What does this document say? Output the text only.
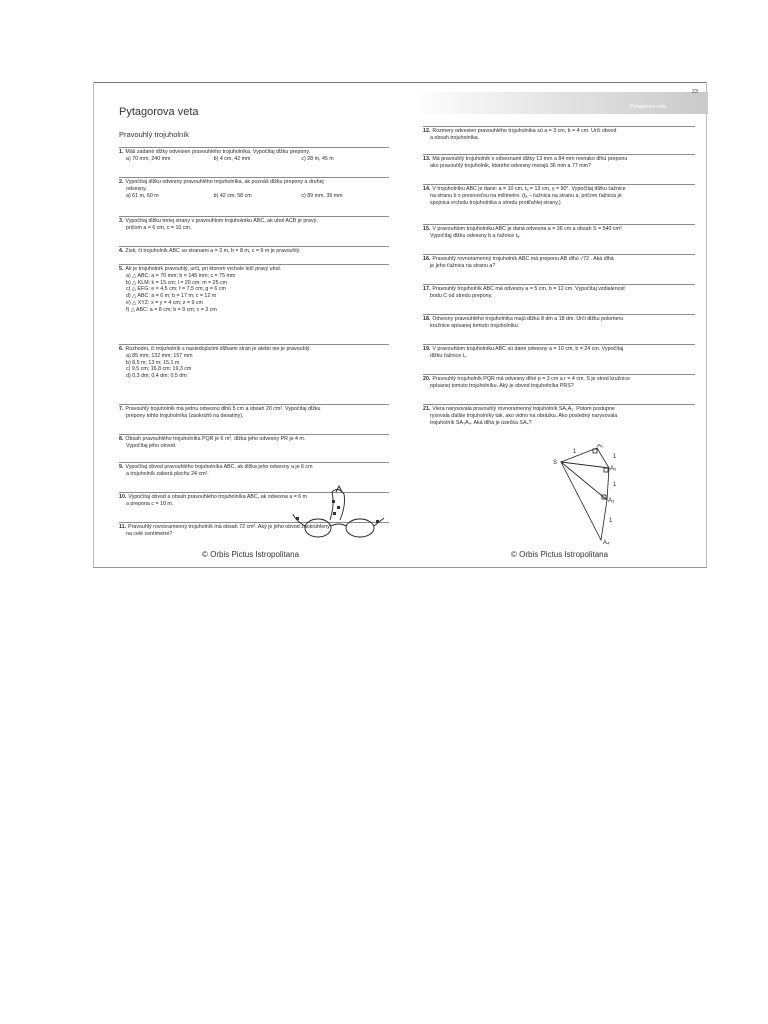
Pytagorova veta
Pravouhlý trojuholník
1. Máš zadané dĺžky odvesien pravouhlého trojuholníka. Vypočítaj dĺžku prepony.
a) 70 mm, 240 mm	b) 4 cm, 42 mm	c) 28 m, 45 m
2. Vypočítaj dĺžku odvesny pravouhlého trojuholníka, ak poznáš dĺžku prepony a druhej
odvesny.
a) 61 m, 60 m	b) 42 cm, 58 cm	c) 89 mm, 39 mm
3. Vypočítaj dĺžku tretej strany v pravouhlom trojuholníku ABC, ak uhol ACB je pravý,
pričom a = 6 cm, c = 10 cm.
4. Zisti, či trojuholník ABC so stranami a = 3 m, b = 8 m, c = 9 m je pravouhlý.
5. Ak je trojuholník pravouhlý, urči, pri ktorom vrchole leží pravý uhol.
a) △ ABC: a = 70 mm; b = 145 mm; c = 75 mm
b) △ KLM: k = 15 cm; l = 20 cm; m = 25 cm
c) △ EFG: e = 4,5 cm; f = 7,5 cm; g = 6 cm
d) △ ABC: a = 6 m; b = 17 m; c = 12 m
e) △ XYZ: x = y = 4 cm; z = 9 cm
f) △ ABC: a = 8 cm; b = 9 cm; c = 3 cm
6. Rozhodni, či trojuholník s nasledujúcimi dĺžkami strán je alebo nie je pravouhlý.
a) 85 mm; 132 mm; 157 mm
b) 8,5 m; 13 m; 15,1 m
c) 9,5 cm; 16,8 cm; 19,3 cm
d) 0,3 dm; 0,4 dm; 0,5 dm
7. Pravouhlý trojuholník má jednu odvesnu dĺhú 5 cm a obsah 20 cm². Vypočítaj dĺžku
prepony tohto trojuholníka (zaokrúhli na desatiny).
8. Obsah pravouhlého trojuholníka PQR je 6 m², dĺžka jeho odvesny PR je 4 m.
Vypočítaj jeho obvod.
9. Vypočítaj obvod pravouhlého trojuholníka ABC, ak dĺžka jeho odvesny a je 6 cm
a trojuholník zaberá plochu 24 cm².
10. Vypočítaj obvod a obsah pravouhlého trojuholníka ABC, ak odvesna a = 6 m
a prepona c = 10 m.
11. Pravouhlý rovnoramenný trojuholník má obsah 72 cm². Aký je jeho obvod zaokrúhlený
na celé centimetre?
© Orbis Pictus Istropolitana
Pytagorova veta
23
12. Rozmery odvesien pravouhlého trojuholníka sú a = 3 cm, b = 4 cm. Urči obvod
a obsah trojuholníka.
13. Má pravouhlý trojuholník s odvesnami dĺžky 13 mm a 84 mm rovnako dlhú preponu
ako pravouhlý trojuholník, ktorého odvesny merajú 36 mm a 77 mm?
14. V trojuholníku ABC je dané: a = 10 cm, tₐ = 13 cm, γ = 90°. Vypočítaj dĺžku ťažnice
na stranu b s presnosťou na milimetre. (tₐ – ťažnica na stranu a, pričom ťažnica je
spojnica vrcholu trojuholníka a stredu protiľahlej strany.)
15. V pravouhlom trojuholníku ABC je daná odvesna a = 36 cm a obsah S = 540 cm².
Vypočítaj dĺžku odvesny b a ťažnice tₐ.
16. Pravouhlý rovnoramenný trojuholník ABC má preponu AB dlhú √72 . Aká dlhá
je jeho ťažnica na stranu a?
17. Pravouhlý trojuholník ABC má odvesny a = 5 cm, b = 12 cm. Vypočítaj vzdialenosť
bodu C od stredu prepony.
18. Odvesny pravouhlého trojuholníka majú dĺžku 8 dm a 18 dm. Urči dĺžku polomeru
kružnice opísanej tomuto trojuholníku.
19. V pravouhlom trojuholníku ABC sú dané odvesny a = 10 cm, b = 24 cm. Vypočítaj
dĺžku ťažnice t꜀.
20. Pravouhlý trojuholník PQR má odvesny dlhé p = 3 cm a r = 4 cm. S je stred kružnice
opísanej tomuto trojuholníku. Aký je obvod trojuholníka PRS?
21. Viera narysovala pravouhlý rovnoramenný trojuholník SA₁A₂. Potom postupne
rysovala ďalšie trojuholníky tak, ako vidno na obrázku. Ako posledný narysovala
trojuholník SA₃A₄. Aká dlhá je úsečka SA₄?
A₁
A₂
A₃
A₄
S
1
1
1
1
© Orbis Pictus Istropolitana
